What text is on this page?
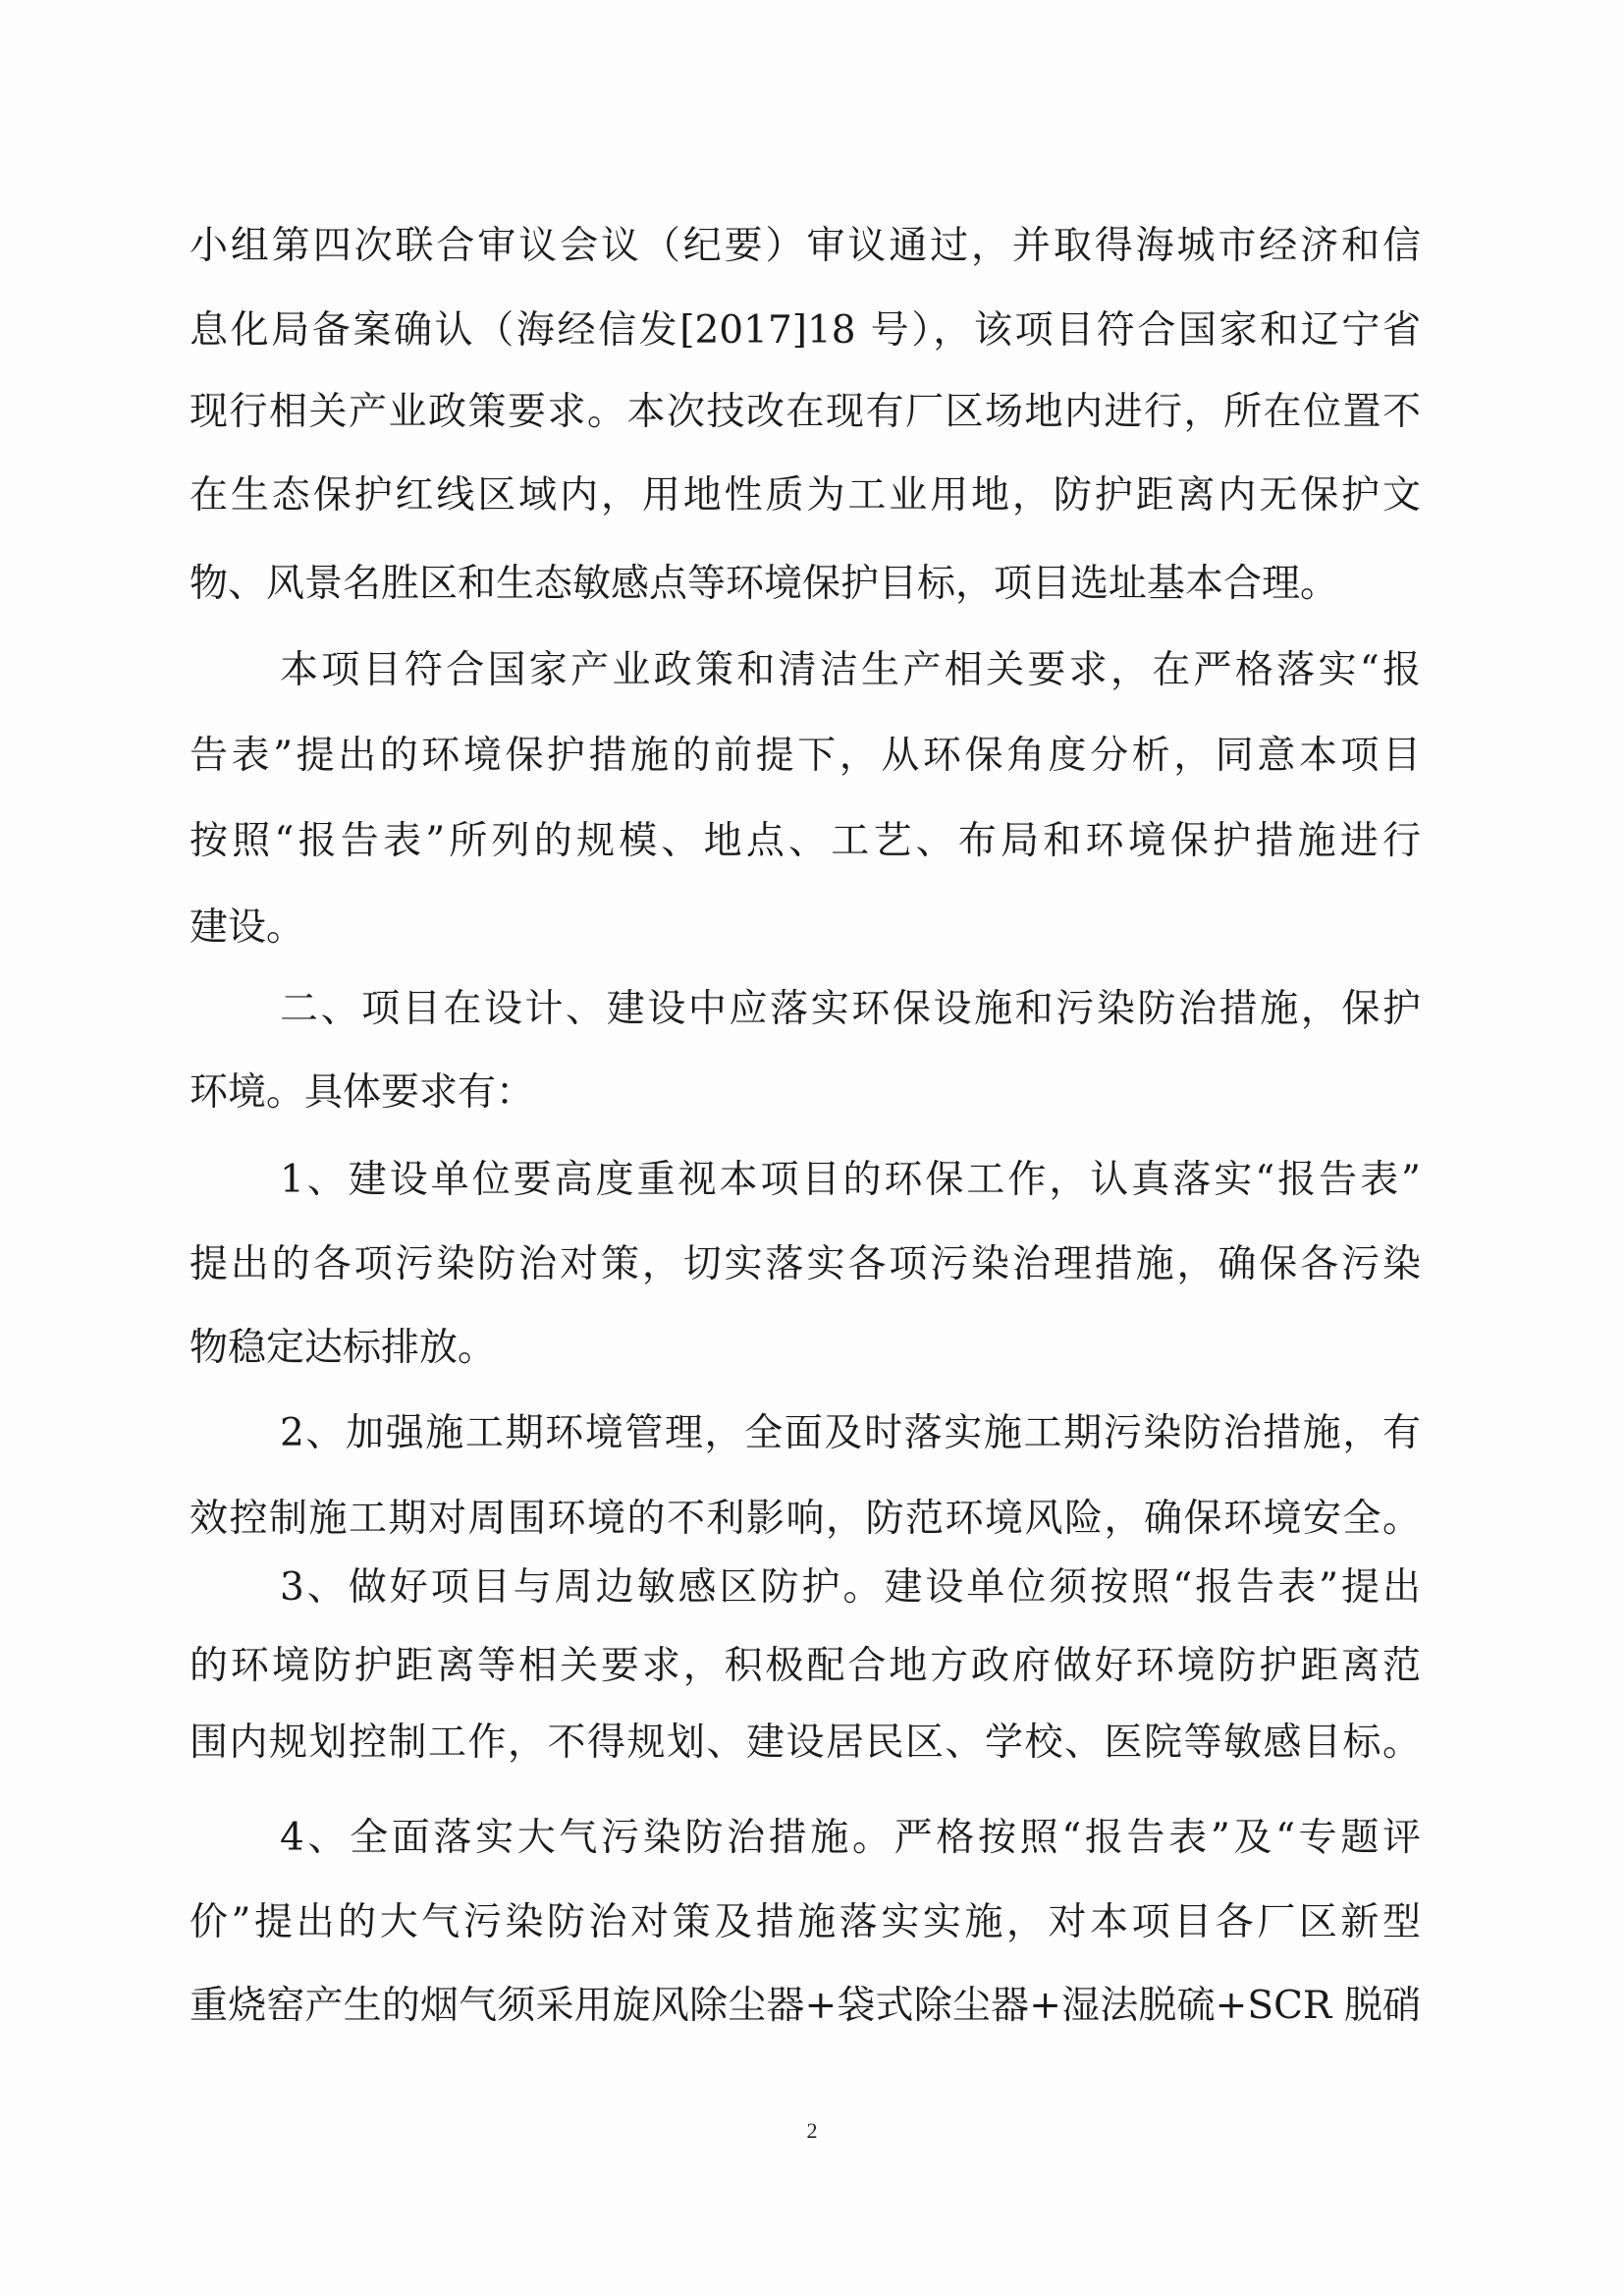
小组第四次联合审议会议（纪要）审议通过，并取得海城市经济和信
息化局备案确认（海经信发[2017]18 号），该项目符合国家和辽宁省
现行相关产业政策要求。本次技改在现有厂区场地内进行，所在位置不
在生态保护红线区域内，用地性质为工业用地，防护距离内无保护文
物、风景名胜区和生态敏感点等环境保护目标，项目选址基本合理。
本项目符合国家产业政策和清洁生产相关要求，在严格落实“报
告表”提出的环境保护措施的前提下，从环保角度分析，同意本项目
按照“报告表”所列的规模、地点、工艺、布局和环境保护措施进行
建设。
二、项目在设计、建设中应落实环保设施和污染防治措施，保护
环境。具体要求有：
1、建设单位要高度重视本项目的环保工作，认真落实“报告表”
提出的各项污染防治对策，切实落实各项污染治理措施，确保各污染
物稳定达标排放。
2、加强施工期环境管理，全面及时落实施工期污染防治措施，有
效控制施工期对周围环境的不利影响，防范环境风险，确保环境安全。
3、做好项目与周边敏感区防护。建设单位须按照“报告表”提出
的环境防护距离等相关要求，积极配合地方政府做好环境防护距离范
围内规划控制工作，不得规划、建设居民区、学校、医院等敏感目标。
4、全面落实大气污染防治措施。严格按照“报告表”及“专题评
价”提出的大气污染防治对策及措施落实实施，对本项目各厂区新型
重烧窑产生的烟气须采用旋风除尘器+袋式除尘器+湿法脱硫+SCR 脱硝
2
